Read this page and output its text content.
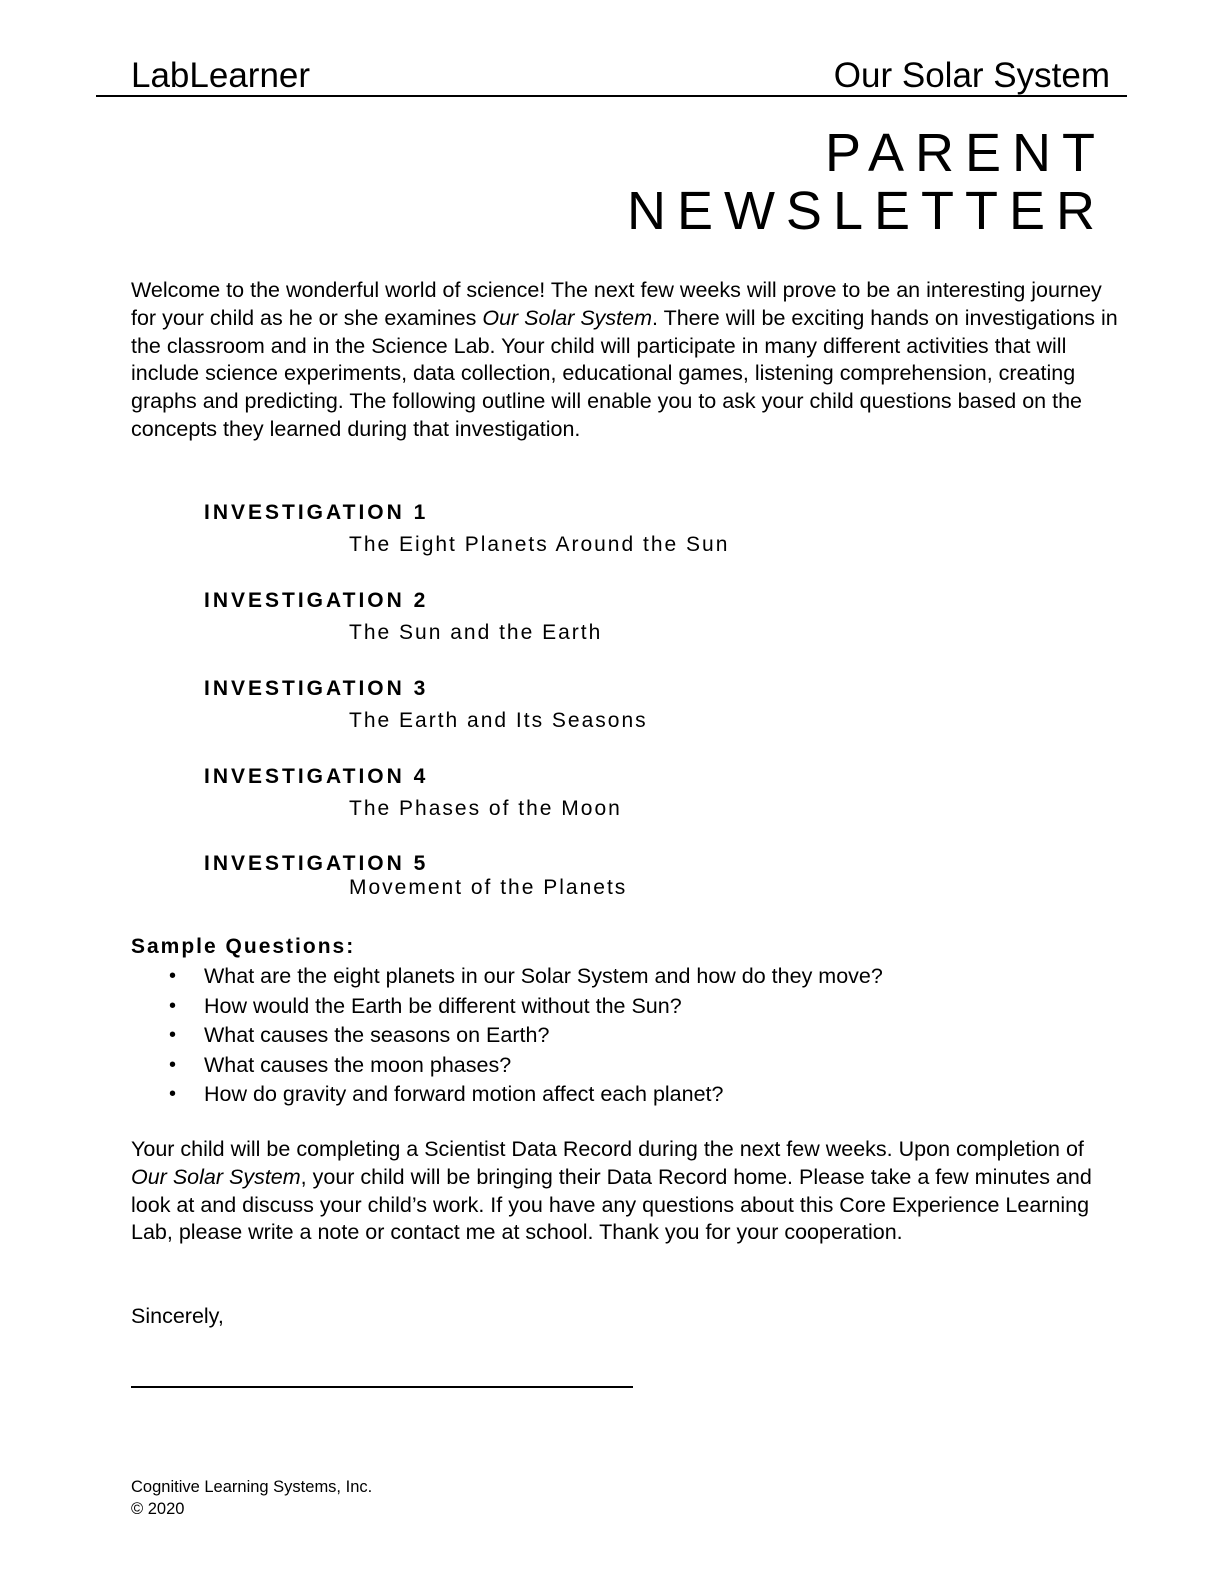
LabLearner	Our Solar System
PARENT
NEWSLETTER
Welcome to the wonderful world of science! The next few weeks will prove to be an interesting journey for your child as he or she examines Our Solar System. There will be exciting hands on investigations in the classroom and in the Science Lab. Your child will participate in many different activities that will include science experiments, data collection, educational games, listening comprehension, creating graphs and predicting. The following outline will enable you to ask your child questions based on the concepts they learned during that investigation.
INVESTIGATION 1
The Eight Planets Around the Sun
INVESTIGATION 2
The Sun and the Earth
INVESTIGATION 3
The Earth and Its Seasons
INVESTIGATION 4
The Phases of the Moon
INVESTIGATION 5
Movement of the Planets
Sample Questions:
• What are the eight planets in our Solar System and how do they move?
• How would the Earth be different without the Sun?
• What causes the seasons on Earth?
• What causes the moon phases?
• How do gravity and forward motion affect each planet?
Your child will be completing a Scientist Data Record during the next few weeks. Upon completion of Our Solar System, your child will be bringing their Data Record home. Please take a few minutes and look at and discuss your child’s work. If you have any questions about this Core Experience Learning Lab, please write a note or contact me at school. Thank you for your cooperation.
Sincerely,
Cognitive Learning Systems, Inc.
© 2020
